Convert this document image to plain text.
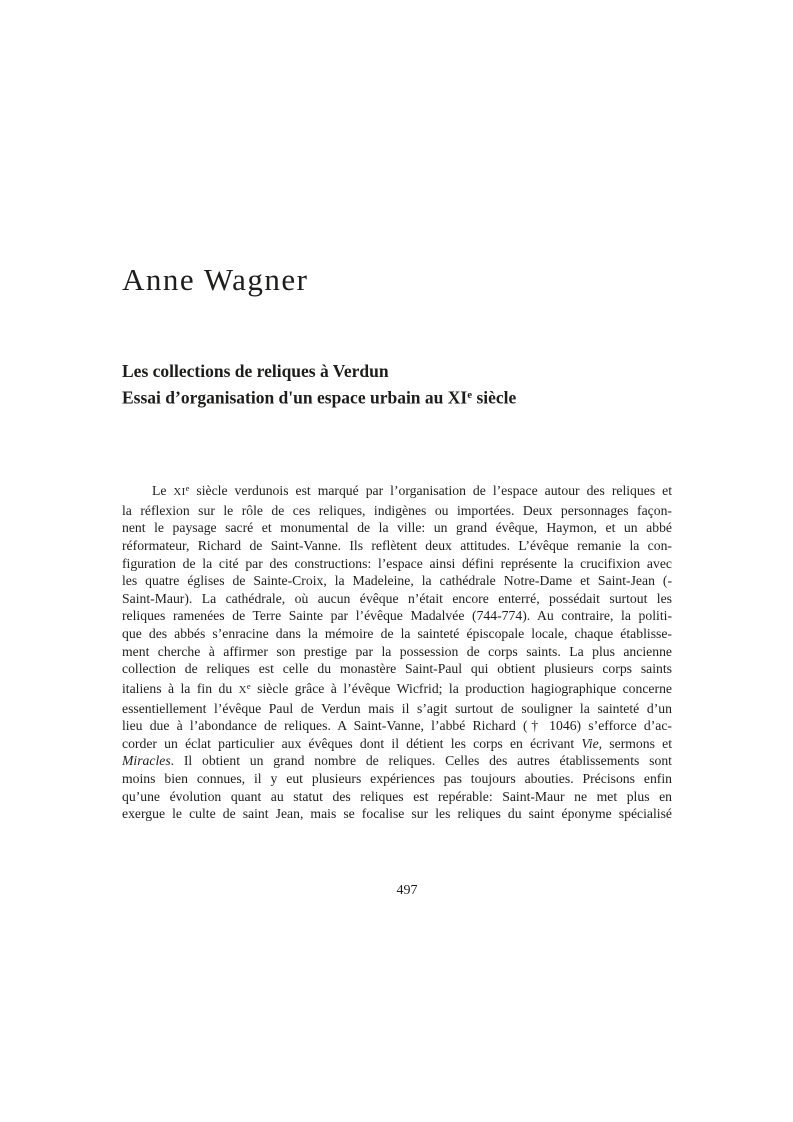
Anne Wagner
Les collections de reliques à Verdun
Essai d’organisation d'un espace urbain au XIe siècle
Le XIe siècle verdunois est marqué par l’organisation de l’espace autour des reliques et
la réflexion sur le rôle de ces reliques, indigènes ou importées. Deux personnages façon-
nent le paysage sacré et monumental de la ville: un grand évêque, Haymon, et un abbé
réformateur, Richard de Saint-Vanne. Ils reflètent deux attitudes. L’évêque remanie la con-
figuration de la cité par des constructions: l’espace ainsi défini représente la crucifixion avec
les quatre églises de Sainte-Croix, la Madeleine, la cathédrale Notre-Dame et Saint-Jean (-
Saint-Maur). La cathédrale, où aucun évêque n’était encore enterré, possédait surtout les
reliques ramenées de Terre Sainte par l’évêque Madalvée (744-774). Au contraire, la politi-
que des abbés s’enracine dans la mémoire de la sainteté épiscopale locale, chaque établisse-
ment cherche à affirmer son prestige par la possession de corps saints. La plus ancienne
collection de reliques est celle du monastère Saint-Paul qui obtient plusieurs corps saints
italiens à la fin du Xe siècle grâce à l’évêque Wicfrid; la production hagiographique concerne
essentiellement l’évêque Paul de Verdun mais il s’agit surtout de souligner la sainteté d’un
lieu due à l’abondance de reliques. A Saint-Vanne, l’abbé Richard († 1046) s’efforce d’ac-
corder un éclat particulier aux évêques dont il détient les corps en écrivant Vie, sermons et
Miracles. Il obtient un grand nombre de reliques. Celles des autres établissements sont
moins bien connues, il y eut plusieurs expériences pas toujours abouties. Précisons enfin
qu’une évolution quant au statut des reliques est repérable: Saint-Maur ne met plus en
exergue le culte de saint Jean, mais se focalise sur les reliques du saint éponyme spécialisé
497
